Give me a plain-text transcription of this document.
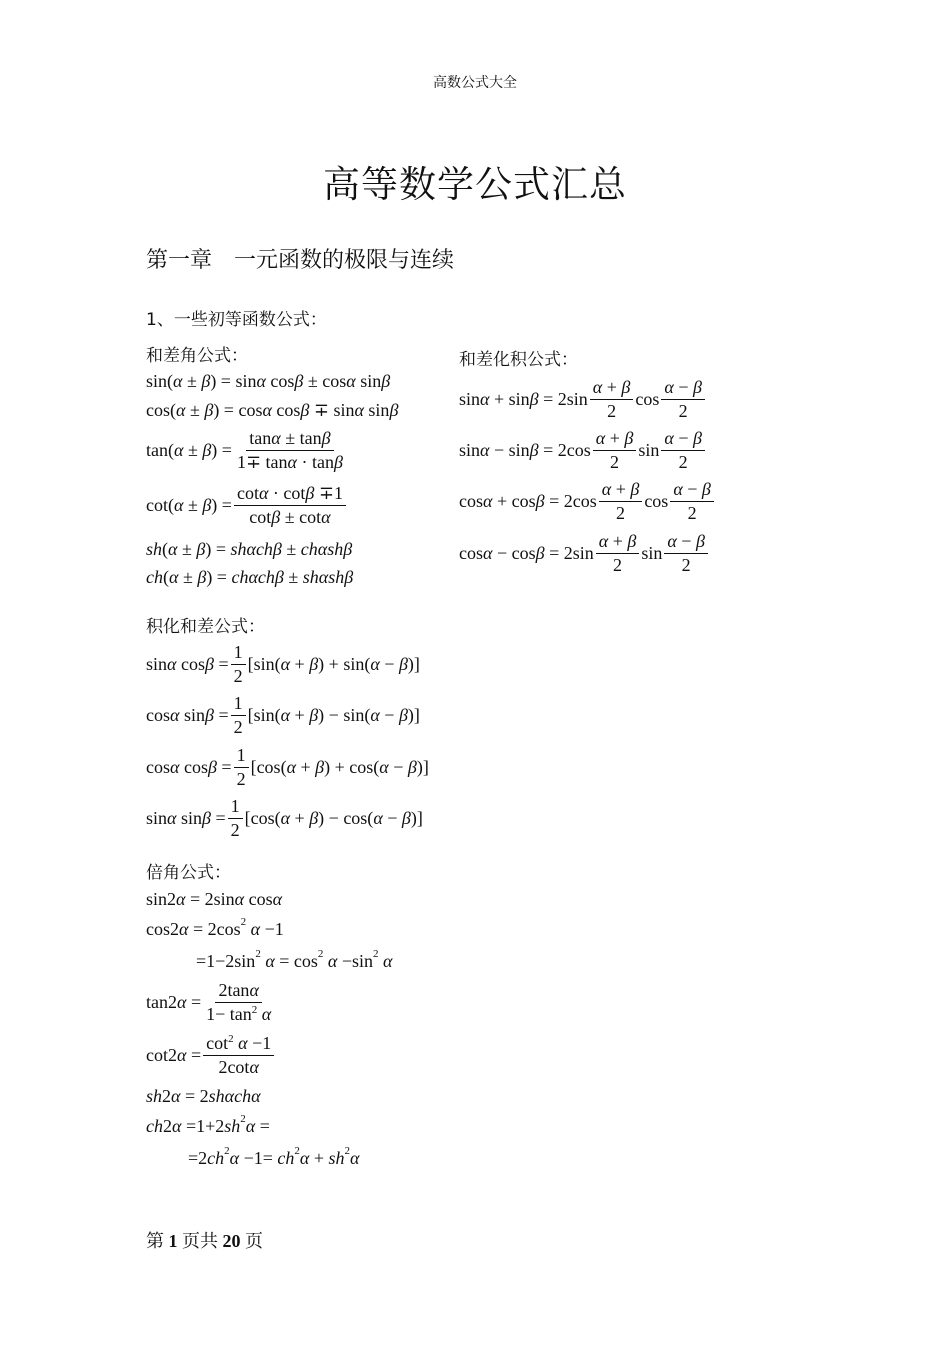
高数公式大全
高等数学公式汇总
第一章　一元函数的极限与连续
1、一些初等函数公式：
和差角公式：
sin( α ± β ) = sin α cos β ± cos α sin β
cos( α ± β ) = cos α cos β ∓ sin α sin β
tan( α ± β ) = $\frac{\tan\alpha \pm \tan\beta}{1\mp \tan\alpha \cdot \tan\beta}$
cot( α ± β ) = $\frac{\cot\alpha \cdot \cot\beta \mp 1}{\cot\beta \pm \cot\alpha}$
sh ( α ± β ) = shαchβ ± chαshβ
ch ( α ± β ) = chαchβ ± shαshβ
和差化积公式：
$\sin \alpha + \sin \beta = 2\sin \frac{\alpha + \beta}{2}$ $\cos \frac{\alpha - \beta}{2}$
$\sin \alpha - \sin \beta = 2\cos \frac{\alpha + \beta}{2}$ $\sin \frac{\alpha - \beta}{2}$
$\cos \alpha + \cos \beta = 2\cos \frac{\alpha + \beta}{2}$ $\cos \frac{\alpha - \beta}{2}$
$\cos \alpha - \cos \beta = 2\sin \frac{\alpha + \beta}{2}$ $\sin \frac{\alpha - \beta}{2}$
积化和差公式：
sin α $\cos \beta = \frac{1}{2} [\sin$( α + β ) + sin( α − β )]
cos α $\sin \beta = \frac{1}{2} [\sin$( α + β ) − sin( α − β )]
cos α $\cos \beta = \frac{1}{2} [\cos$( α + β ) + cos( α − β )]
sin α $\sin \beta = \frac{1}{2} [\cos$( α + β ) − cos( α − β )]
倍角公式：
sin2 α = 2sin α cos α
cos2 $\alpha = 2\cos^2$
α −1
$=1-2\sin^2$
$\alpha = \cos^2$
$\alpha -\sin^2$
α
tan2 $\alpha = \frac{2\tan\alpha}{1- \tan^2 \alpha}$
cot2 $\alpha = \frac{\cot^2 \alpha -1}{2\cot\alpha}$
sh 2 α = 2 shαchα
ch 2 α =1+2 $sh^2$ α =
=2 $ch^2$ $\alpha -1= ch^2$ $\alpha + sh^2$ α
第 1 页共 20 页
